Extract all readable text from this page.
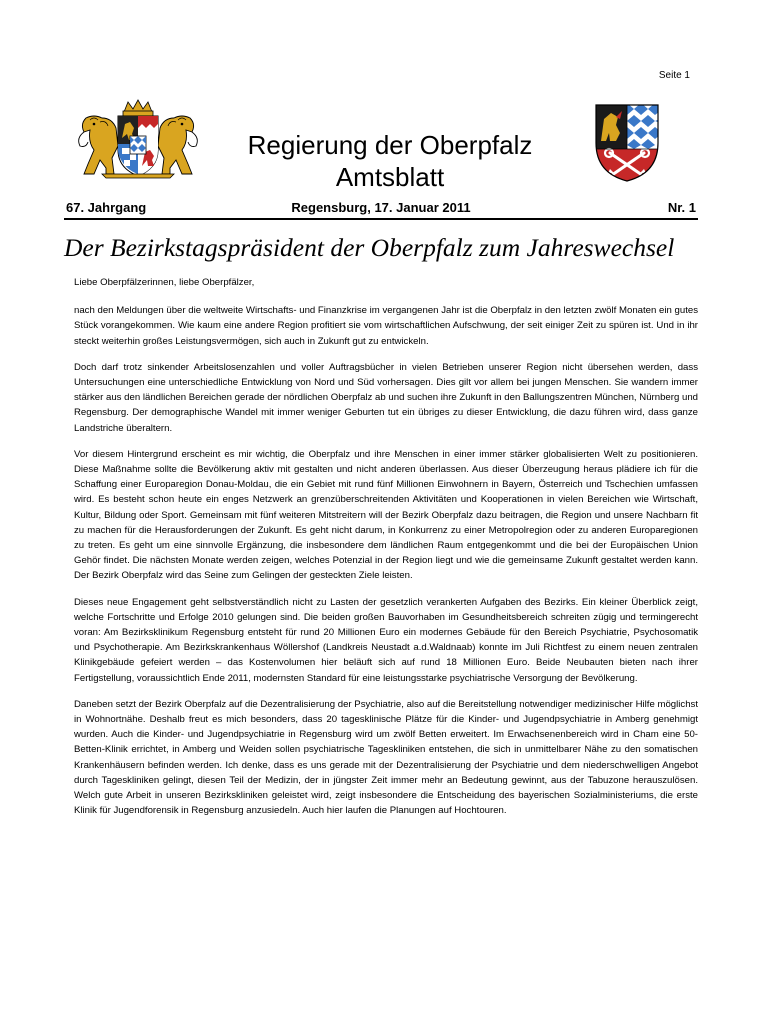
Seite 1
Regierung der Oberpfalz
Amtsblatt
67. Jahrgang	Regensburg, 17. Januar 2011	Nr. 1
Der Bezirkstagspräsident der Oberpfalz zum Jahreswechsel

Liebe Oberpfälzerinnen, liebe Oberpfälzer,

nach den Meldungen über die weltweite Wirtschafts- und Finanzkrise im vergangenen Jahr ist die Oberpfalz in den letzten zwölf Monaten ein gutes Stück vorangekommen. Wie kaum eine andere Region profitiert sie vom wirtschaftlichen Aufschwung, der seit einiger Zeit zu spüren ist. Und in ihr steckt weiterhin großes Leistungsvermögen, sich auch in Zukunft gut zu entwickeln.

Doch darf trotz sinkender Arbeitslosenzahlen und voller Auftragsbücher in vielen Betrieben unserer Region nicht übersehen werden, dass Untersuchungen eine unterschiedliche Entwicklung von Nord und Süd vorhersagen. Dies gilt vor allem bei jungen Menschen. Sie wandern immer stärker aus den ländlichen Bereichen gerade der nördlichen Oberpfalz ab und suchen ihre Zukunft in den Ballungszentren München, Nürnberg und Regensburg. Der demographische Wandel mit immer weniger Geburten tut ein übriges zu dieser Entwicklung, die dazu führen wird, dass ganze Landstriche überaltern.

Vor diesem Hintergrund erscheint es mir wichtig, die Oberpfalz und ihre Menschen in einer immer stärker globalisierten Welt zu positionieren. Diese Maßnahme sollte die Bevölkerung aktiv mit gestalten und nicht anderen überlassen. Aus dieser Überzeugung heraus plädiere ich für die Schaffung einer Europaregion Donau-Moldau, die ein Gebiet mit rund fünf Millionen Einwohnern in Bayern, Österreich und Tschechien umfassen wird. Es besteht schon heute ein enges Netzwerk an grenzüberschreitenden Aktivitäten und Kooperationen in vielen Bereichen wie Wirtschaft, Kultur, Bildung oder Sport. Gemeinsam mit fünf weiteren Mitstreitern will der Bezirk Oberpfalz dazu beitragen, die Region und unsere Nachbarn fit zu machen für die Herausforderungen der Zukunft. Es geht nicht darum, in Konkurrenz zu einer Metropolregion oder zu anderen Europaregionen zu treten. Es geht um eine sinnvolle Ergänzung, die insbesondere dem ländlichen Raum entgegenkommt und die bei der Europäischen Union Gehör findet. Die nächsten Monate werden zeigen, welches Potenzial in der Region liegt und wie die gemeinsame Zukunft gestaltet werden kann. Der Bezirk Oberpfalz wird das Seine zum Gelingen der gesteckten Ziele leisten.

Dieses neue Engagement geht selbstverständlich nicht zu Lasten der gesetzlich verankerten Aufgaben des Bezirks. Ein kleiner Überblick zeigt, welche Fortschritte und Erfolge 2010 gelungen sind. Die beiden großen Bauvorhaben im Gesundheitsbereich schreiten zügig und termingerecht voran: Am Bezirksklinikum Regensburg entsteht für rund 20 Millionen Euro ein modernes Gebäude für den Bereich Psychiatrie, Psychosomatik und Psychotherapie. Am Bezirkskrankenhaus Wöllershof (Landkreis Neustadt a.d.Waldnaab) konnte im Juli Richtfest zu einem neuen zentralen Klinikgebäude gefeiert werden – das Kostenvolumen hier beläuft sich auf rund 18 Millionen Euro. Beide Neubauten bieten nach ihrer Fertigstellung, voraussichtlich Ende 2011, modernsten Standard für eine leistungsstarke psychiatrische Versorgung der Bevölkerung.

Daneben setzt der Bezirk Oberpfalz auf die Dezentralisierung der Psychiatrie, also auf die Bereitstellung notwendiger medizinischer Hilfe möglichst in Wohnortnähe. Deshalb freut es mich besonders, dass 20 tagesklinische Plätze für die Kinder- und Jugendpsychiatrie in Amberg genehmigt wurden. Auch die Kinder- und Jugendpsychiatrie in Regensburg wird um zwölf Betten erweitert. Im Erwachsenenbereich wird in Cham eine 50-Betten-Klinik errichtet, in Amberg und Weiden sollen psychiatrische Tageskliniken entstehen, die sich in unmittelbarer Nähe zu den somatischen Krankenhäusern befinden werden. Ich denke, dass es uns gerade mit der Dezentralisierung der Psychiatrie und dem niederschwelligen Angebot durch Tageskliniken gelingt, diesen Teil der Medizin, der in jüngster Zeit immer mehr an Bedeutung gewinnt, aus der Tabuzone herauszulösen. Welch gute Arbeit in unseren Bezirkskliniken geleistet wird, zeigt insbesondere die Entscheidung des bayerischen Sozialministeriums, die erste Klinik für Jugendforensik in Regensburg anzusiedeln. Auch hier laufen die Planungen auf Hochtouren.
